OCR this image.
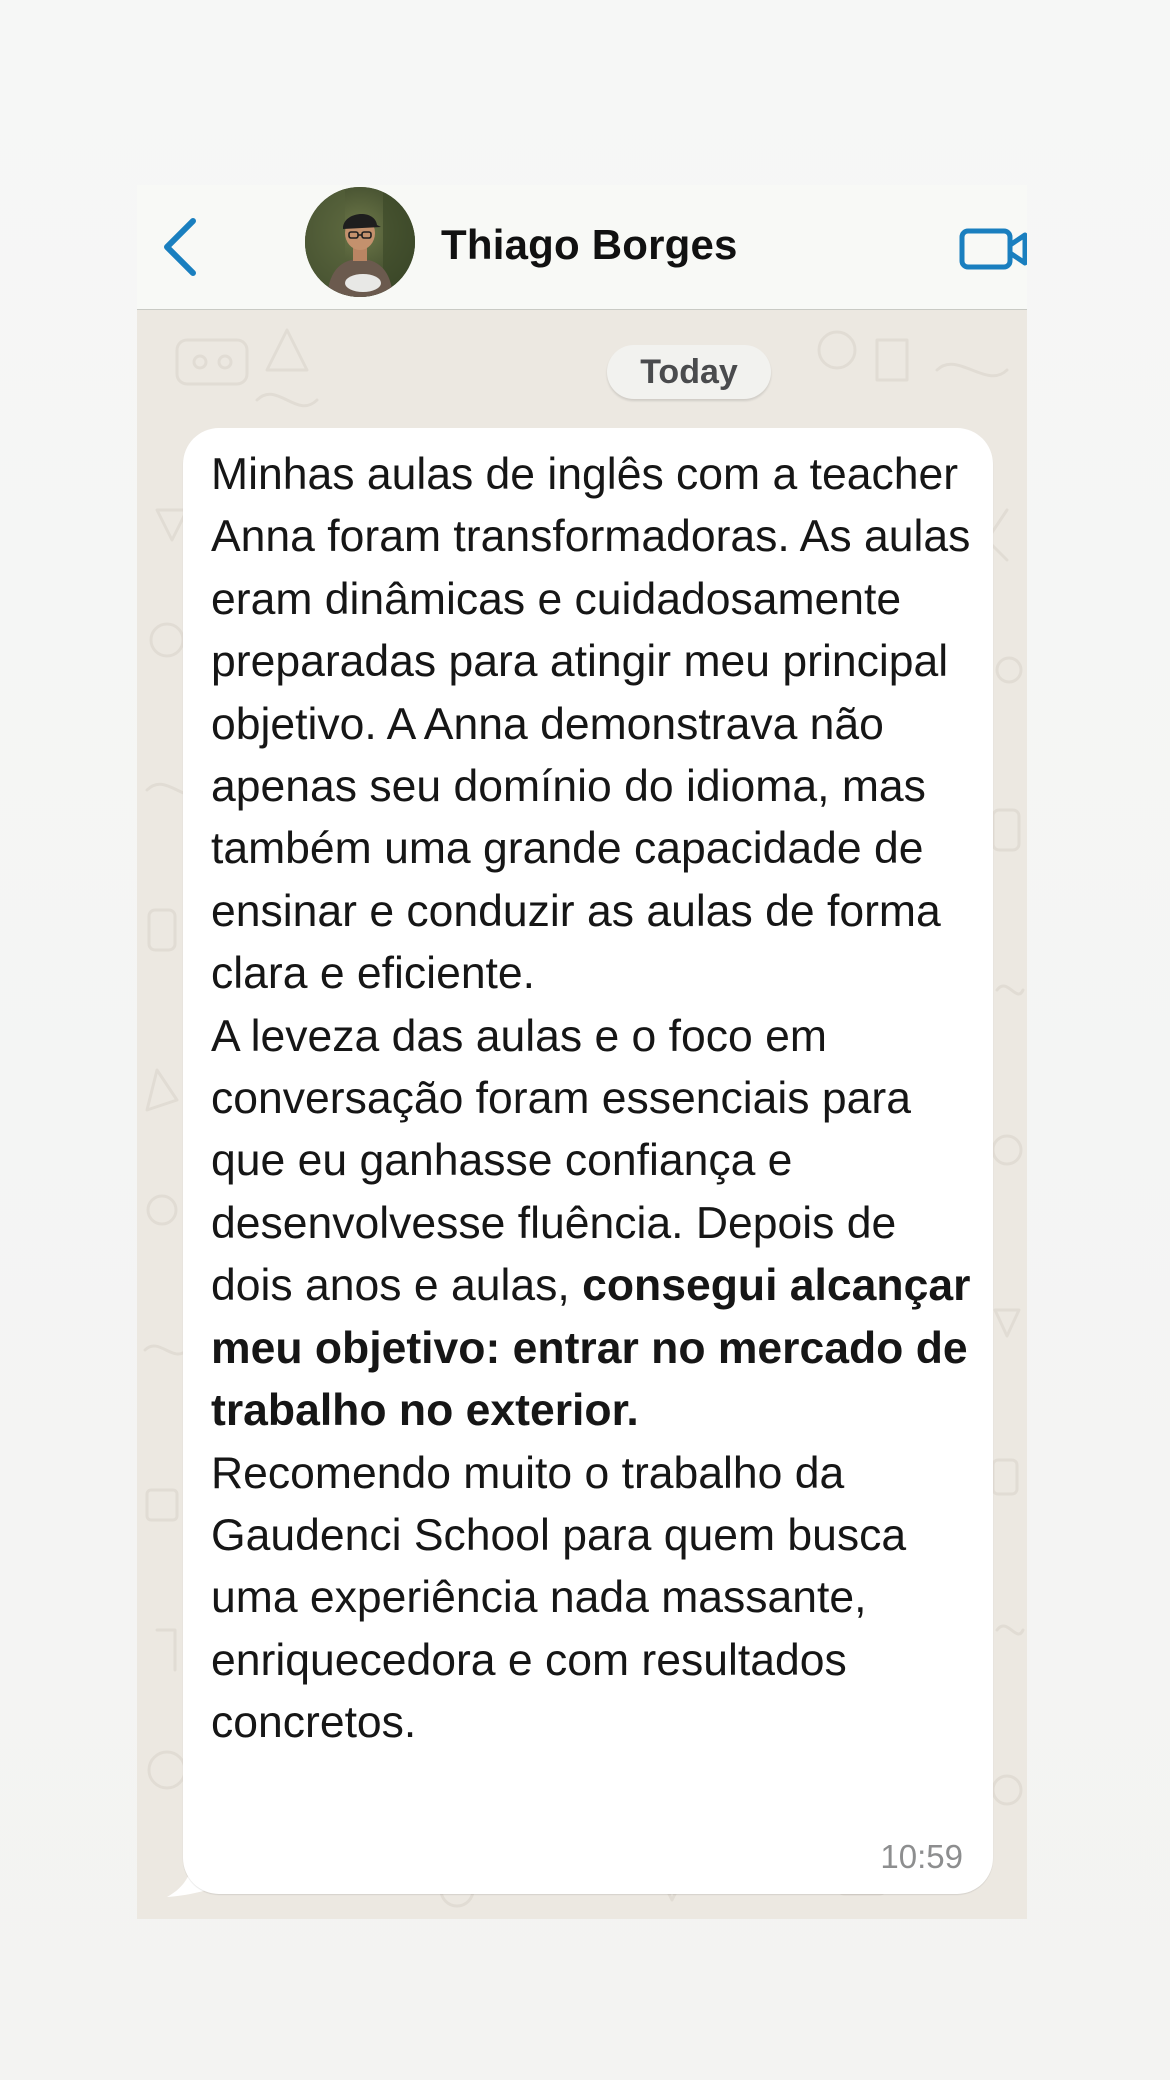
Thiago Borges
Today
Minhas aulas de inglês com a teacher Anna foram transformadoras. As aulas eram dinâmicas e cuidadosamente preparadas para atingir meu principal objetivo. A Anna demonstrava não apenas seu domínio do idioma, mas também uma grande capacidade de ensinar e conduzir as aulas de forma clara e eficiente.
A leveza das aulas e o foco em conversação foram essenciais para que eu ganhasse confiança e desenvolvesse fluência. Depois de dois anos e aulas, consegui alcançar meu objetivo: entrar no mercado de trabalho no exterior.
Recomendo muito o trabalho da Gaudenci School para quem busca uma experiência nada massante, enriquecedora e com resultados concretos.
10:59
